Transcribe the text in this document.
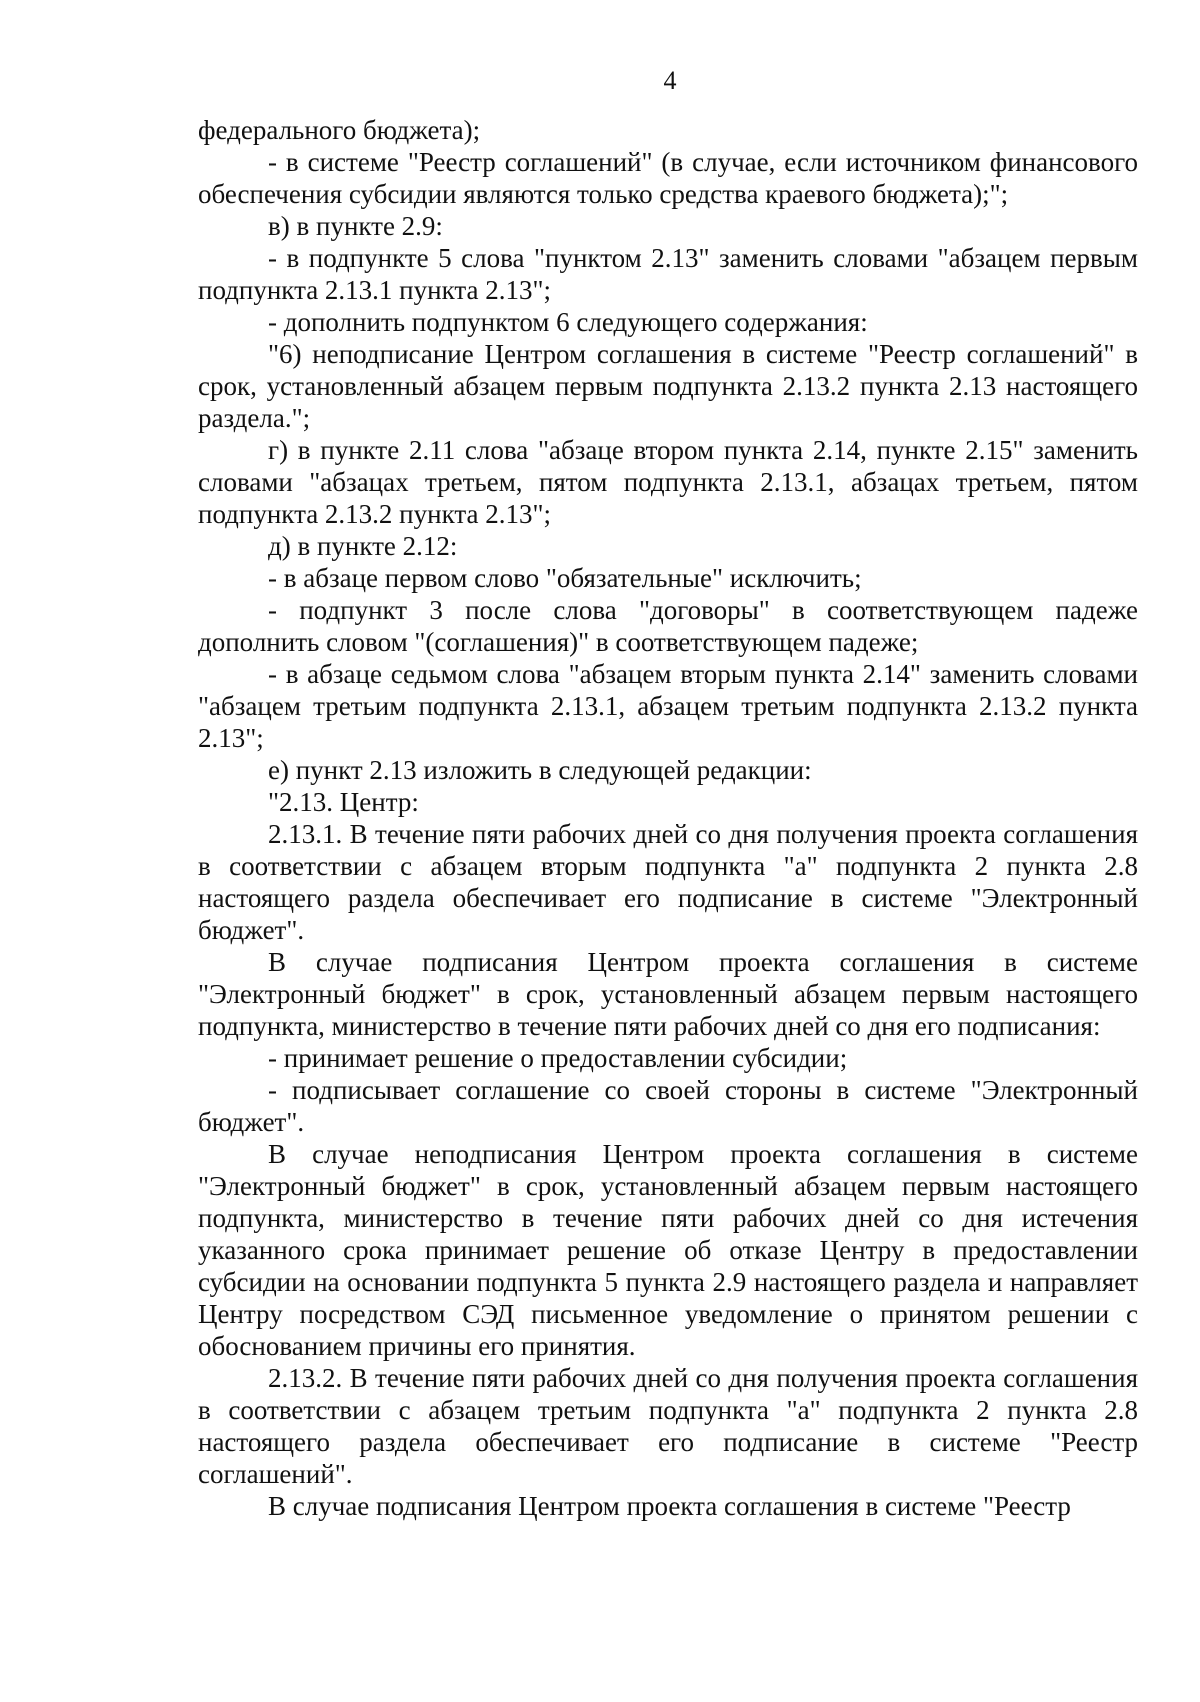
4

федерального бюджета);

- в системе "Реестр соглашений" (в случае, если источником финансового обеспечения субсидии являются только средства краевого бюджета);";

в) в пункте 2.9:

- в подпункте 5 слова "пунктом 2.13" заменить словами "абзацем первым подпункта 2.13.1 пункта 2.13";

- дополнить подпунктом 6 следующего содержания:

"6) неподписание Центром соглашения в системе "Реестр соглашений" в срок, установленный абзацем первым подпункта 2.13.2 пункта 2.13 настоящего раздела.";

г) в пункте 2.11 слова "абзаце втором пункта 2.14, пункте 2.15" заменить словами "абзацах третьем, пятом подпункта 2.13.1, абзацах третьем, пятом подпункта 2.13.2 пункта 2.13";

д) в пункте 2.12:

- в абзаце первом слово "обязательные" исключить;

- подпункт 3 после слова "договоры" в соответствующем падеже дополнить словом "(соглашения)" в соответствующем падеже;

- в абзаце седьмом слова "абзацем вторым пункта 2.14" заменить словами "абзацем третьим подпункта 2.13.1, абзацем третьим подпункта 2.13.2 пункта 2.13";

е) пункт 2.13 изложить в следующей редакции:

"2.13. Центр:

2.13.1. В течение пяти рабочих дней со дня получения проекта соглашения в соответствии с абзацем вторым подпункта "а" подпункта 2 пункта 2.8 настоящего раздела обеспечивает его подписание в системе "Электронный бюджет".

В случае подписания Центром проекта соглашения в системе "Электронный бюджет" в срок, установленный абзацем первым настоящего подпункта, министерство в течение пяти рабочих дней со дня его подписания:

- принимает решение о предоставлении субсидии;

- подписывает соглашение со своей стороны в системе "Электронный бюджет".

В случае неподписания Центром проекта соглашения в системе "Электронный бюджет" в срок, установленный абзацем первым настоящего подпункта, министерство в течение пяти рабочих дней со дня истечения указанного срока принимает решение об отказе Центру в предоставлении субсидии на основании подпункта 5 пункта 2.9 настоящего раздела и направляет Центру посредством СЭД письменное уведомление о принятом решении с обоснованием причины его принятия.

2.13.2. В течение пяти рабочих дней со дня получения проекта соглашения в соответствии с абзацем третьим подпункта "а" подпункта 2 пункта 2.8 настоящего раздела обеспечивает его подписание в системе "Реестр соглашений".

В случае подписания Центром проекта соглашения в системе "Реестр
